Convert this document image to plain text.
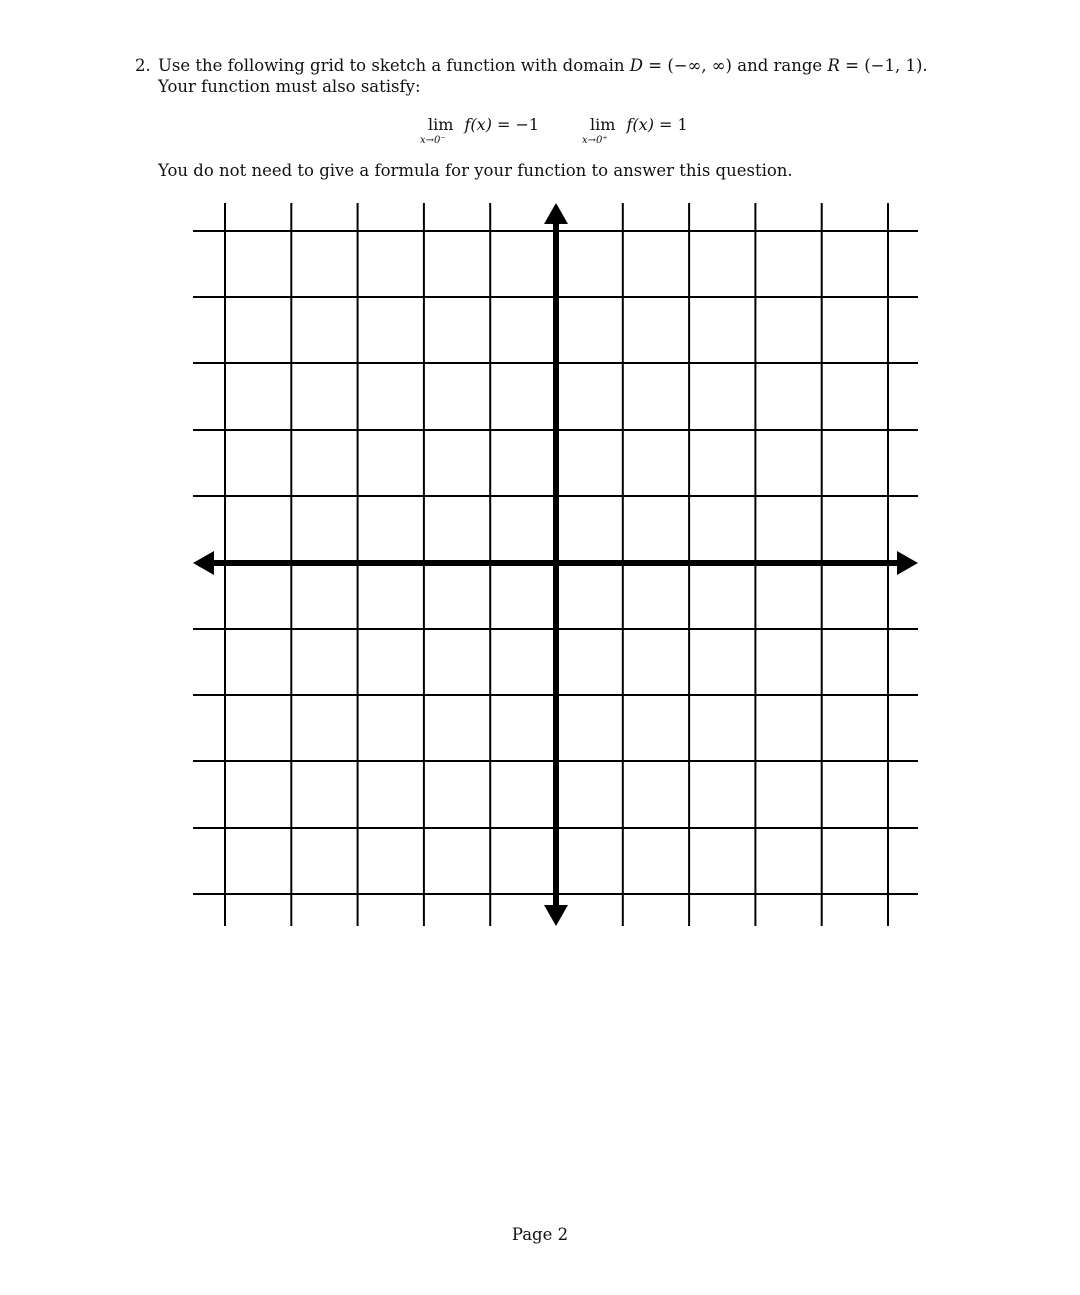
2. Use the following grid to sketch a function with domain D = (−∞, ∞) and range R = (−1, 1).
Your function must also satisfy:
lim f(x) = −1
x→0⁻
lim f(x) = 1
x→0⁺
You do not need to give a formula for your function to answer this question.
Page 2
